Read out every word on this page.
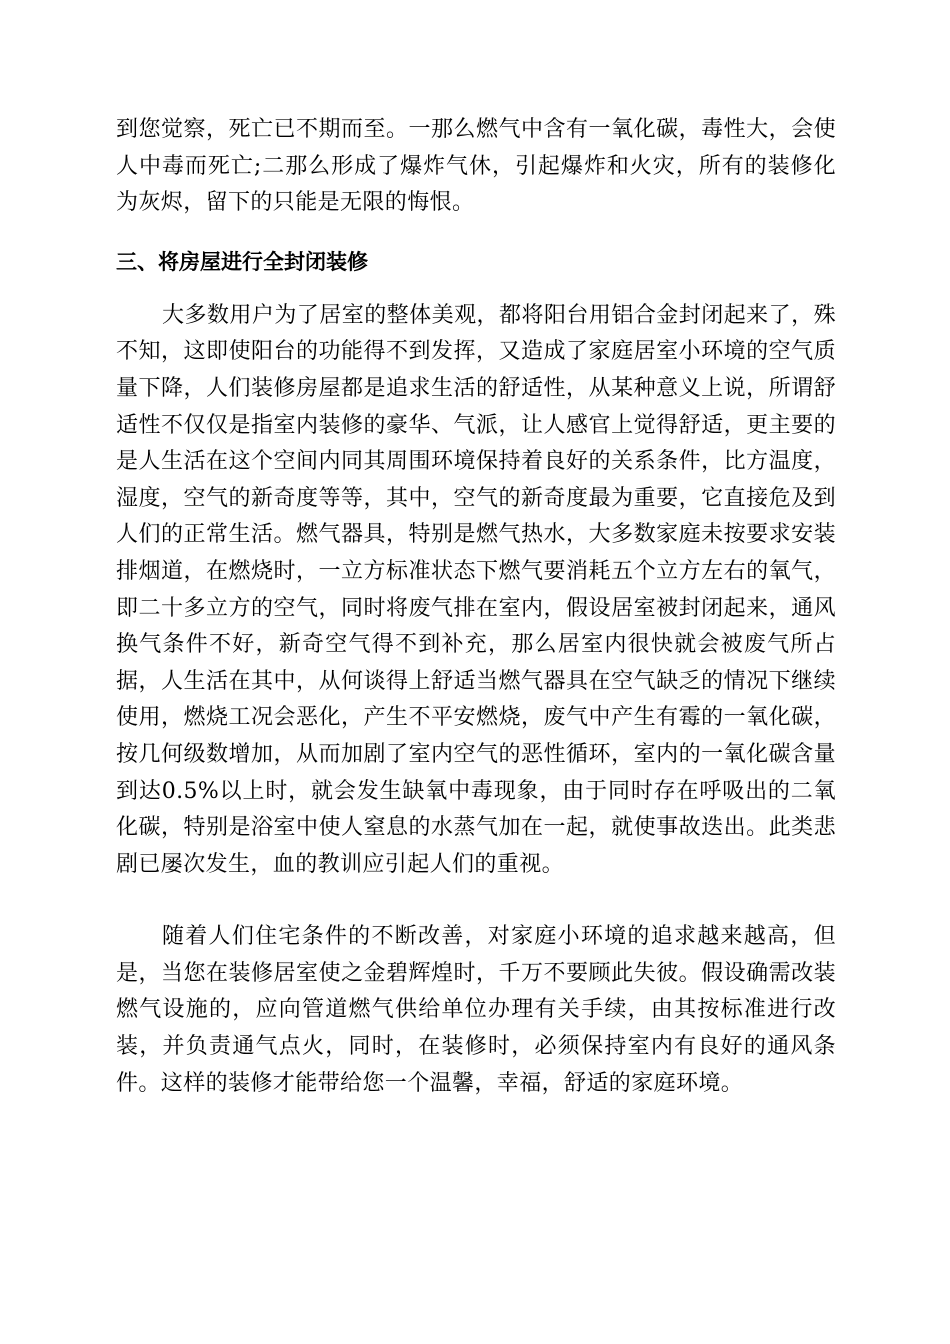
到您觉察，死亡已不期而至。一那么燃气中含有一氧化碳，毒性大，会使人中毒而死亡;二那么形成了爆炸气休，引起爆炸和火灾，所有的装修化为灰烬，留下的只能是无限的悔恨。

三、将房屋进行全封闭装修

大多数用户为了居室的整体美观，都将阳台用铝合金封闭起来了，殊不知，这即使阳台的功能得不到发挥，又造成了家庭居室小环境的空气质量下降，人们装修房屋都是追求生活的舒适性，从某种意义上说，所谓舒适性不仅仅是指室内装修的豪华、气派，让人感官上觉得舒适，更主要的是人生活在这个空间内同其周围环境保持着良好的关系条件，比方温度，湿度，空气的新奇度等等，其中，空气的新奇度最为重要，它直接危及到人们的正常生活。燃气器具，特别是燃气热水，大多数家庭未按要求安装排烟道，在燃烧时，一立方标准状态下燃气要消耗五个立方左右的氧气，即二十多立方的空气，同时将废气排在室内，假设居室被封闭起来，通风换气条件不好，新奇空气得不到补充，那么居室内很快就会被废气所占据，人生活在其中，从何谈得上舒适当燃气器具在空气缺乏的情况下继续使用，燃烧工况会恶化，产生不平安燃烧，废气中产生有霉的一氧化碳，按几何级数增加，从而加剧了室内空气的恶性循环，室内的一氧化碳含量到达0.5%以上时，就会发生缺氧中毒现象，由于同时存在呼吸出的二氧化碳，特别是浴室中使人窒息的水蒸气加在一起，就使事故迭出。此类悲剧已屡次发生，血的教训应引起人们的重视。

随着人们住宅条件的不断改善，对家庭小环境的追求越来越高，但是，当您在装修居室使之金碧辉煌时，千万不要顾此失彼。假设确需改装燃气设施的，应向管道燃气供给单位办理有关手续，由其按标准进行改装，并负责通气点火，同时，在装修时，必须保持室内有良好的通风条件。这样的装修才能带给您一个温馨，幸福，舒适的家庭环境。
